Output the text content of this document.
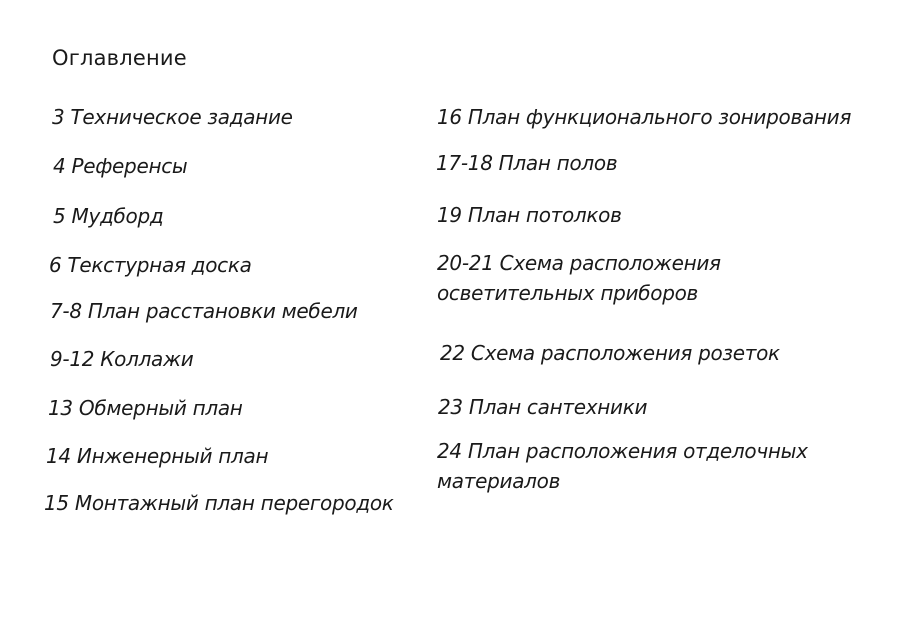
Оглавление
3 Техническое задание
4 Референсы
5 Мудборд
6 Текстурная доска
7-8 План расстановки мебели
9-12 Коллажи
13 Обмерный план
14 Инженерный план
15 Монтажный план перегородок
16 План функционального зонирования
17-18 План полов
19 План потолков
20-21 Схема расположения
осветительных приборов
22 Схема расположения розеток
23 План сантехники
24 План расположения отделочных
материалов
